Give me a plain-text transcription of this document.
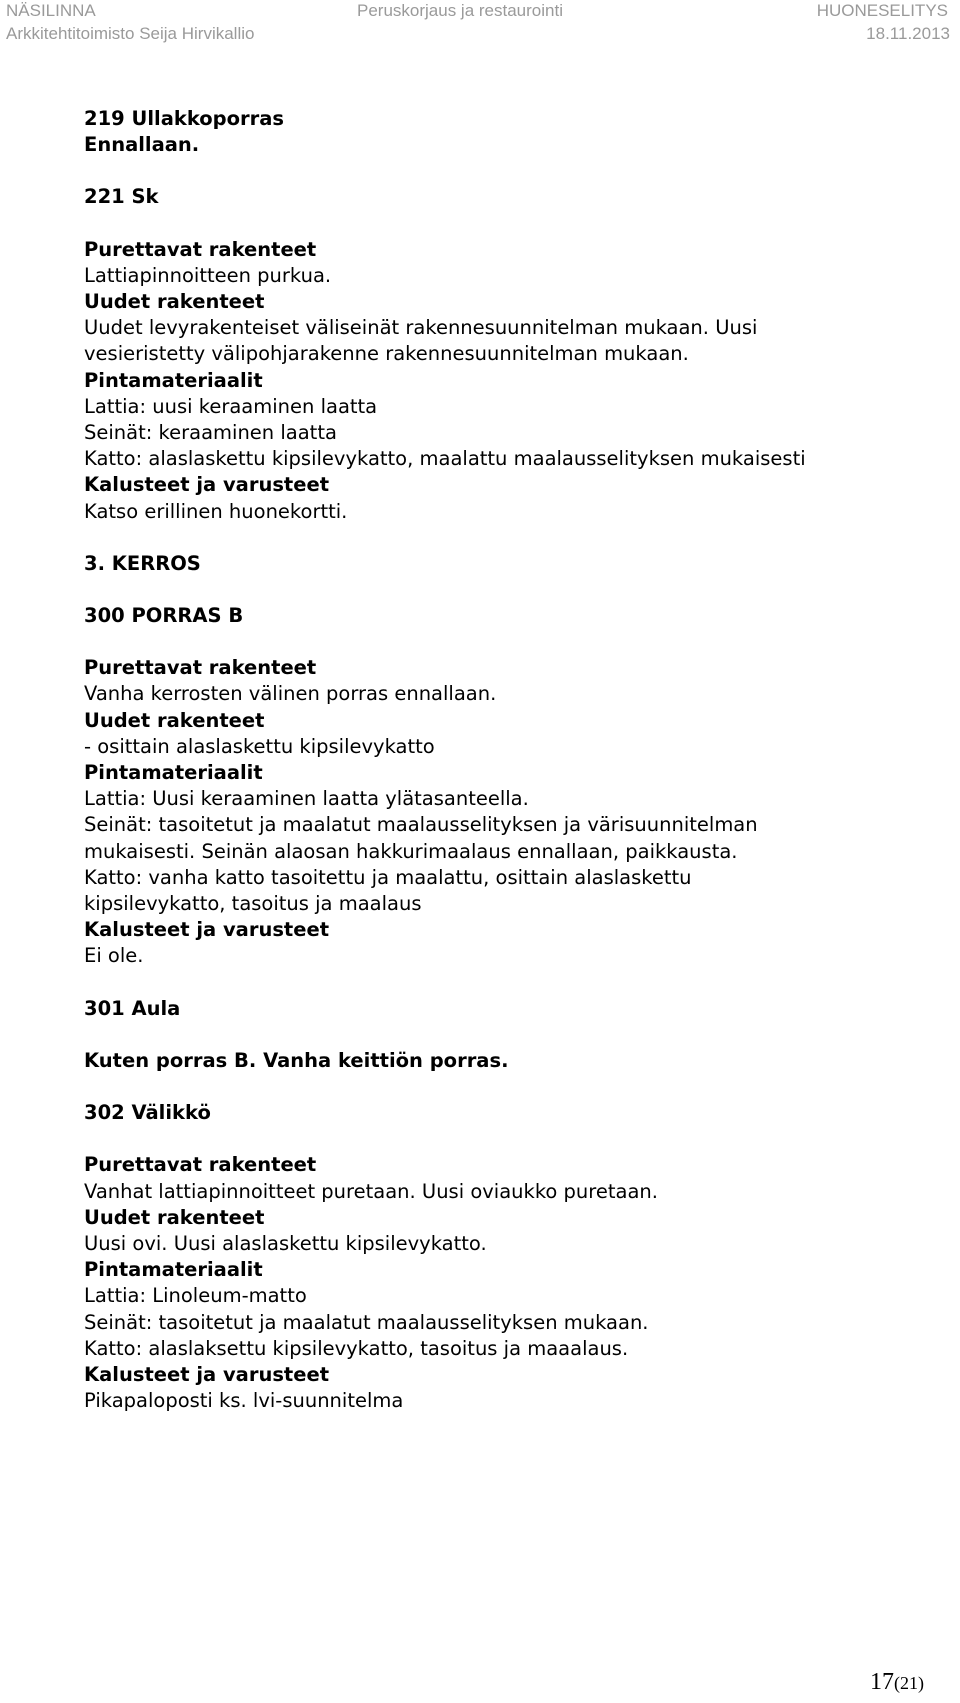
NÄSILINNA
Arkkitehtitoimisto Seija Hirvikallio
Peruskorjaus ja restaurointi	HUONESELITYS
18.11.2013

219 Ullakkoporras

Ennallaan.

221 Sk

Purettavat rakenteet

Lattiapinnoitteen purkua.

Uudet rakenteet

Uudet levyrakenteiset väliseinät rakennesuunnitelman mukaan. Uusi

vesieristetty välipohjarakenne rakennesuunnitelman mukaan.

Pintamateriaalit

Lattia: uusi keraaminen laatta

Seinät: keraaminen laatta

Katto: alaslaskettu kipsilevykatto, maalattu maalausselityksen mukaisesti

Kalusteet ja varusteet

Katso erillinen huonekortti.

3. KERROS

300 PORRAS B

Purettavat rakenteet

Vanha kerrosten välinen porras ennallaan.

Uudet rakenteet

- osittain alaslaskettu kipsilevykatto

Pintamateriaalit

Lattia: Uusi keraaminen laatta ylätasanteella.

Seinät: tasoitetut ja maalatut maalausselityksen ja värisuunnitelman

mukaisesti. Seinän alaosan hakkurimaalaus ennallaan, paikkausta.

Katto: vanha katto tasoitettu ja maalattu, osittain alaslaskettu

kipsilevykatto, tasoitus ja maalaus

Kalusteet ja varusteet

Ei ole.

301 Aula

Kuten porras B. Vanha keittiön porras.

302 Välikkö

Purettavat rakenteet

Vanhat lattiapinnoitteet puretaan. Uusi oviaukko puretaan.

Uudet rakenteet

Uusi ovi. Uusi alaslaskettu kipsilevykatto.

Pintamateriaalit

Lattia: Linoleum-matto

Seinät: tasoitetut ja maalatut maalausselityksen mukaan.

Katto: alaslaksettu kipsilevykatto, tasoitus ja maaalaus.

Kalusteet ja varusteet

Pikapaloposti ks. lvi-suunnitelma

17(21)
